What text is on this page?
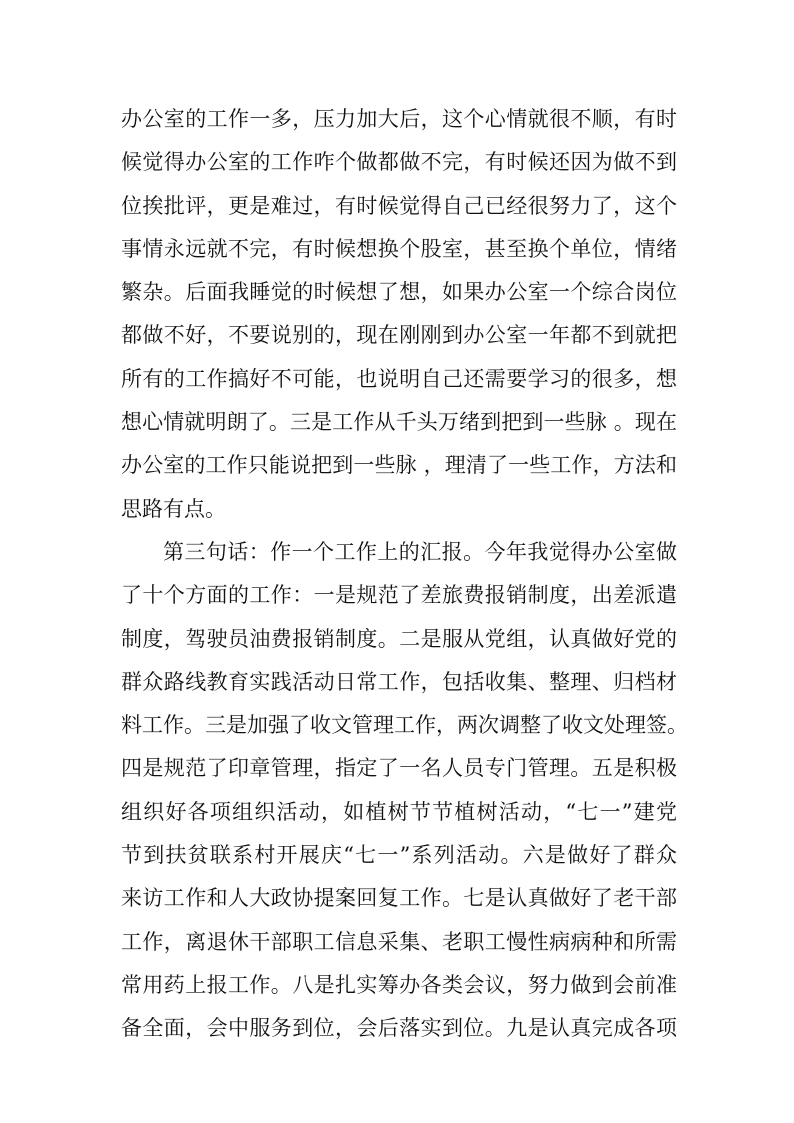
办公室的工作一多，压力加大后，这个心情就很不顺，有时
候觉得办公室的工作咋个做都做不完，有时候还因为做不到
位挨批评，更是难过，有时候觉得自己已经很努力了，这个
事情永远就不完，有时候想换个股室，甚至换个单位，情绪
繁杂。后面我睡觉的时候想了想，如果办公室一个综合岗位
都做不好，不要说别的，现在刚刚到办公室一年都不到就把
所有的工作搞好不可能，也说明自己还需要学习的很多，想
想心情就明朗了。三是工作从千头万绪到把到一些脉 。现在
办公室的工作只能说把到一些脉 ，理清了一些工作，方法和
思路有点。
第三句话：作一个工作上的汇报。今年我觉得办公室做
了十个方面的工作：一是规范了差旅费报销制度，出差派遣
制度，驾驶员油费报销制度。二是服从党组，认真做好党的
群众路线教育实践活动日常工作，包括收集、整理、归档材
料工作。三是加强了收文管理工作，两次调整了收文处理签。
四是规范了印章管理，指定了一名人员专门管理。五是积极
组织好各项组织活动，如植树节节植树活动，“七一”建党
节到扶贫联系村开展庆“七一”系列活动。六是做好了群众
来访工作和人大政协提案回复工作。七是认真做好了老干部
工作，离退休干部职工信息采集、老职工慢性病病种和所需
常用药上报工作。八是扎实筹办各类会议，努力做到会前准
备全面，会中服务到位，会后落实到位。九是认真完成各项
